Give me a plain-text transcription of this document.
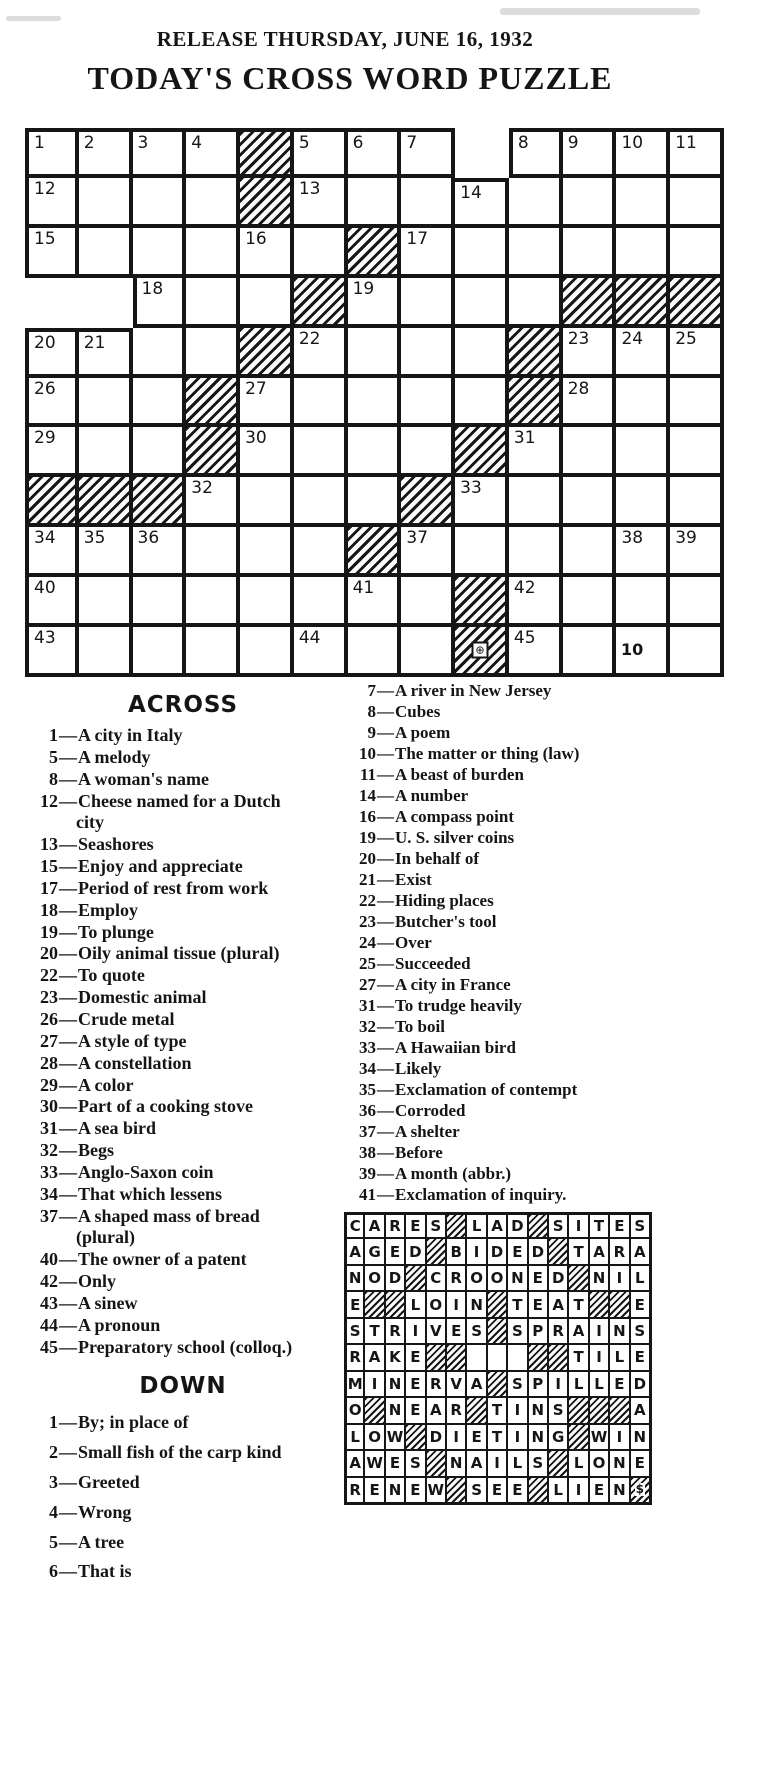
RELEASE THURSDAY, JUNE 16, 1932
TODAY'S CROSS WORD PUZZLE
1 2	3	4	5	6	7	8 9	10 11
12	13	14
15	16	17
18	19
20 21	22	23 24 25
26	27	28
29	30	31
32	33
34 35 36	37	38 39
40	41	42
43	44
⊕
45
ACROSS
1—A city in Italy
5—A melody
8—A woman's name
12—Cheese named for a Dutch
city
13—Seashores
15—Enjoy and appreciate
17—Period of rest from work
18—Employ
19—To plunge
20—Oily animal tissue (plural)
22—To quote
23—Domestic animal
26—Crude metal
27—A style of type
28—A constellation
29—A color
30—Part of a cooking stove
31—A sea bird
32—Begs
33—Anglo-Saxon coin
34—That which lessens
37—A shaped mass of bread
(plural)
40—The owner of a patent
42—Only
43—A sinew
44—A pronoun
45—Preparatory school (colloq.)
DOWN
1—By; in place of
2—Small fish of the carp kind
3—Greeted
4—Wrong
5—A tree
6—That is
7—A river in New Jersey
8—Cubes
9—A poem
10—The matter or thing (law)
11—A beast of burden
14—A number
16—A compass point
19—U. S. silver coins
20—In behalf of
21—Exist
22—Hiding places
23—Butcher's tool
24—Over
25—Succeeded
27—A city in France
31—To trudge heavily
32—To boil
33—A Hawaiian bird
34—Likely
35—Exclamation of contempt
36—Corroded
37—A shelter
38—Before
39—A month (abbr.)
41—Exclamation of inquiry.
C A R E S L A D S I T E S
A G E D B I D E D T A R A
N O D C R O O N E D N I L
E	L O I N T E A T	E
S T R I V E S S P R A I N S
R A K E	T I L E
M I N E R V A S P I L L E D
O N E A R T I N S	A
L O W D I E T I N G W I N
A W E S N A I L S L O N E
R E N E W S E E L I E N $
10
